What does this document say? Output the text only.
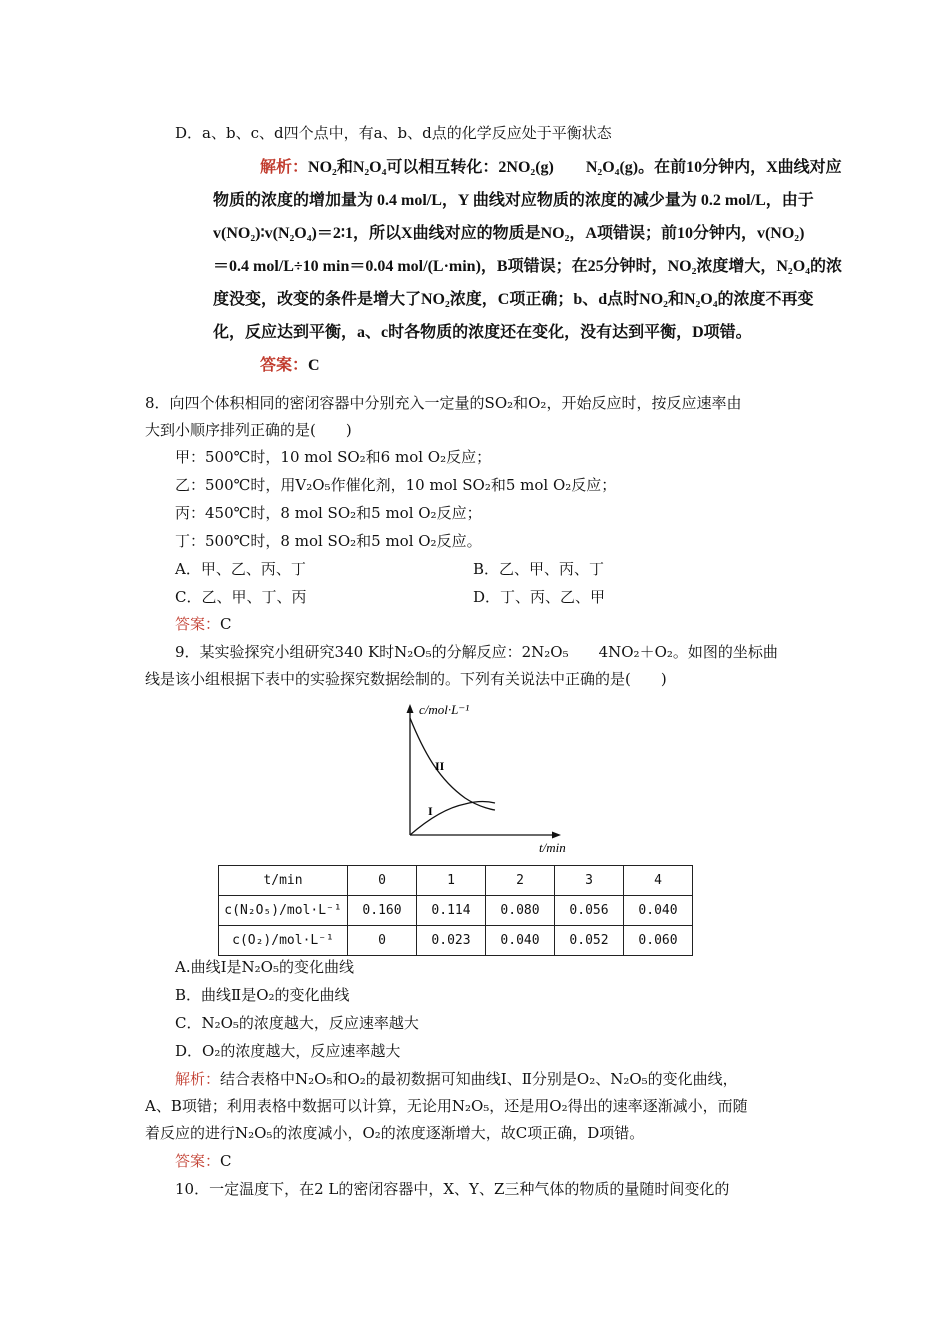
D．a、b、c、d四个点中，有a、b、d点的化学反应处于平衡状态
解析：NO₂和N₂O₄可以相互转化：2NO₂(g)　　N₂O₄(g)。在前10分钟内，X曲线对应
物质的浓度的增加量为 0.4 mol/L，Y 曲线对应物质的浓度的减少量为 0.2 mol/L，由于
v(NO₂)∶v(N₂O₄)＝2∶1，所以X曲线对应的物质是NO₂，A项错误；前10分钟内，v(NO₂)
＝0.4 mol/L÷10 min＝0.04 mol/(L·min)，B项错误；在25分钟时，NO₂浓度增大，N₂O₄的浓
度没变，改变的条件是增大了NO₂浓度，C项正确；b、d点时NO₂和N₂O₄的浓度不再变
化，反应达到平衡，a、c时各物质的浓度还在变化，没有达到平衡，D项错。
答案：C
8．向四个体积相同的密闭容器中分别充入一定量的SO₂和O₂，开始反应时，按反应速率由
大到小顺序排列正确的是(　　)
甲：500℃时，10 mol SO₂和6 mol O₂反应；
乙：500℃时，用V₂O₅作催化剂，10 mol SO₂和5 mol O₂反应；
丙：450℃时，8 mol SO₂和5 mol O₂反应；
丁：500℃时，8 mol SO₂和5 mol O₂反应。
A．甲、乙、丙、丁	B．乙、甲、丙、丁
C．乙、甲、丁、丙	D．丁、丙、乙、甲
答案：C
9．某实验探究小组研究340 K时N₂O₅的分解反应：2N₂O₅　　4NO₂＋O₂。如图的坐标曲
线是该小组根据下表中的实验探究数据绘制的。下列有关说法中正确的是(　　)
c/mol·L⁻¹
t/min
II
I
t/min	0	1	2	3	4
c(N₂O₅)/mol·L⁻¹	0.160	0.114	0.080	0.056	0.040
c(O₂)/mol·L⁻¹	0	0.023	0.040	0.052	0.060
A.曲线Ⅰ是N₂O₅的变化曲线
B．曲线Ⅱ是O₂的变化曲线
C．N₂O₅的浓度越大，反应速率越大
D．O₂的浓度越大，反应速率越大
解析：结合表格中N₂O₅和O₂的最初数据可知曲线Ⅰ、Ⅱ分别是O₂、N₂O₅的变化曲线，
A、B项错；利用表格中数据可以计算，无论用N₂O₅，还是用O₂得出的速率逐渐减小，而随
着反应的进行N₂O₅的浓度减小，O₂的浓度逐渐增大，故C项正确，D项错。
答案：C
10．一定温度下，在2 L的密闭容器中，X、Y、Z三种气体的物质的量随时间变化的
